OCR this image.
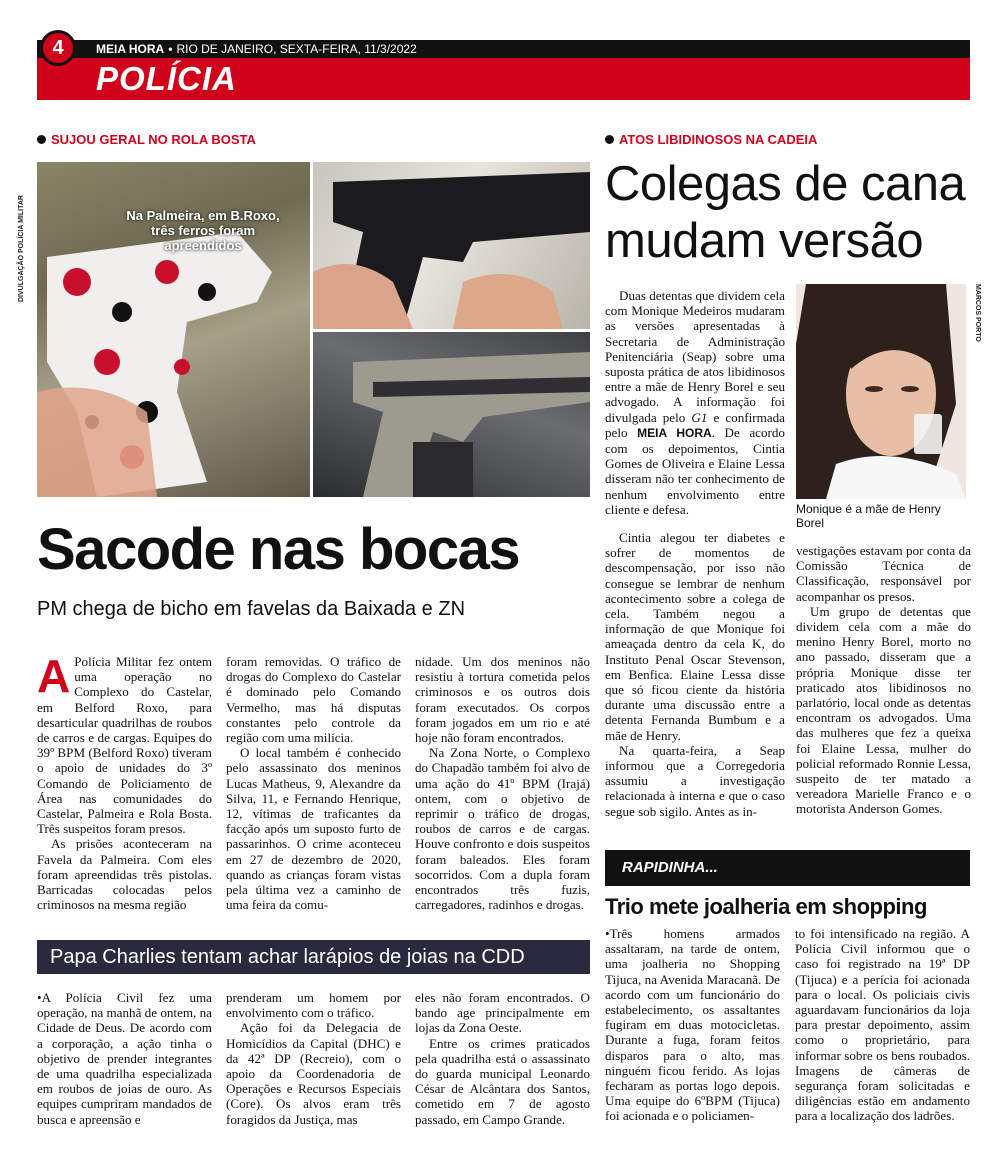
4	MEIA HORA • RIO DE JANEIRO, SEXTA-FEIRA, 11/3/2022
POLÍCIA
SUJOU GERAL NO ROLA BOSTA
DIVULGAÇÃO POLÍCIA MILITAR	Na Palmeira, em B.Roxo, três ferros foram apreendidos
Sacode nas bocas
PM chega de bicho em favelas da Baixada e ZN

A Polícia Militar fez ontem uma operação no Complexo do Castelar, em Belford Roxo, para desarticular quadrilhas de roubos de carros e de cargas. Equipes do 39º BPM (Belford Roxo) tiveram o apoio de unidades do 3º Comando de Policiamento de Área nas comunidades do Castelar, Palmeira e Rola Bosta. Três suspeitos foram presos.

As prisões aconteceram na Favela da Palmeira. Com eles foram apreendidas três pistolas. Barricadas colocadas pelos criminosos na mesma região

foram removidas. O tráfico de drogas do Complexo do Castelar é dominado pelo Comando Vermelho, mas há disputas constantes pelo controle da região com uma milícia.

O local também é conhecido pelo assassinato dos meninos Lucas Matheus, 9, Alexandre da Silva, 11, e Fernando Henrique, 12, vítimas de traficantes da facção após um suposto furto de passarinhos. O crime aconteceu em 27 de dezembro de 2020, quando as crianças foram vistas pela última vez a caminho de uma feira da comu-

nidade. Um dos meninos não resistiu à tortura cometida pelos criminosos e os outros dois foram executados. Os corpos foram jogados em um rio e até hoje não foram encontrados.

Na Zona Norte, o Complexo do Chapadão também foi alvo de uma ação do 41º BPM (Irajá) ontem, com o objetivo de reprimir o tráfico de drogas, roubos de carros e de cargas. Houve confronto e dois suspeitos foram baleados. Eles foram socorridos. Com a dupla foram encontrados três fuzis, carregadores, radinhos e drogas.

Papa Charlies tentam achar larápios de joias na CDD

• A Polícia Civil fez uma operação, na manhã de ontem, na Cidade de Deus. De acordo com a corporação, a ação tinha o objetivo de prender integrantes de uma quadrilha especializada em roubos de joias de ouro. As equipes cumpriram mandados de busca e apreensão e

prenderam um homem por envolvimento com o tráfico.

Ação foi da Delegacia de Homicídios da Capital (DHC) e da 42ª DP (Recreio), com o apoio da Coordenadoria de Operações e Recursos Especiais (Core). Os alvos eram três foragidos da Justiça, mas

eles não foram encontrados. O bando age principalmente em lojas da Zona Oeste.

Entre os crimes praticados pela quadrilha está o assassinato do guarda municipal Leonardo César de Alcântara dos Santos, cometido em 7 de agosto passado, em Campo Grande.

ATOS LIBIDINOSOS NA CADEIA
Colegas de cana mudam versão

Duas detentas que dividem cela com Monique Medeiros mudaram as versões apresentadas à Secretaria de Administração Penitenciária (Seap) sobre uma suposta prática de atos libidinosos entre a mãe de Henry Borel e seu advogado. A informação foi divulgada pelo G1 e confirmada pelo MEIA HORA. De acordo com os depoimentos, Cintia Gomes de Oliveira e Elaine Lessa disseram não ter conhecimento de nenhum envolvimento entre cliente e defesa.

MARCOS PORTO
Monique é a mãe de Henry Borel

Cintia alegou ter diabetes e sofrer de momentos de descompensação, por isso não consegue se lembrar de nenhum acontecimento sobre a colega de cela. Também negou a informação de que Monique foi ameaçada dentro da cela K, do Instituto Penal Oscar Stevenson, em Benfica. Elaine Lessa disse que só ficou ciente da história durante uma discussão entre a detenta Fernanda Bumbum e a mãe de Henry.

Na quarta-feira, a Seap informou que a Corregedoria assumiu a investigação relacionada à interna e que o caso segue sob sigilo. Antes as in-

vestigações estavam por conta da Comissão Técnica de Classificação, responsável por acompanhar os presos.

Um grupo de detentas que dividem cela com a mãe do menino Henry Borel, morto no ano passado, disseram que a própria Monique disse ter praticado atos libidinosos no parlatório, local onde as detentas encontram os advogados. Uma das mulheres que fez a queixa foi Elaine Lessa, mulher do policial reformado Ronnie Lessa, suspeito de ter matado a vereadora Marielle Franco e o motorista Anderson Gomes.

RAPIDINHA...
Trio mete joalheria em shopping

• Três homens armados assaltaram, na tarde de ontem, uma joalheria no Shopping Tijuca, na Avenida Maracanã. De acordo com um funcionário do estabelecimento, os assaltantes fugiram em duas motocicletas. Durante a fuga, foram feitos disparos para o alto, mas ninguém ficou ferido. As lojas fecharam as portas logo depois. Uma equipe do 6ºBPM (Tijuca) foi acionada e o policiamen-

to foi intensificado na região. A Polícia Civil informou que o caso foi registrado na 19ª DP (Tijuca) e a perícia foi acionada para o local. Os policiais civis aguardavam funcionários da loja para prestar depoimento, assim como o proprietário, para informar sobre os bens roubados. Imagens de câmeras de segurança foram solicitadas e diligências estão em andamento para a localização dos ladrões.
